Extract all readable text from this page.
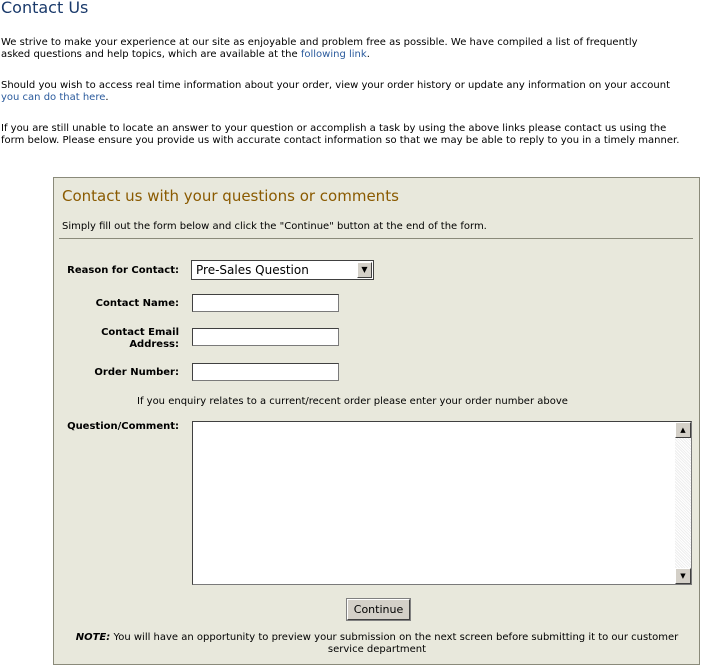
Contact Us

We strive to make your experience at our site as enjoyable and problem free as possible. We have compiled a list of frequently
asked questions and help topics, which are available at the following link.

Should you wish to access real time information about your order, view your order history or update any information on your account
you can do that here.

If you are still unable to locate an answer to your question or accomplish a task by using the above links please contact us using the
form below. Please ensure you provide us with accurate contact information so that we may be able to reply to you in a timely manner.

Contact us with your questions or comments
Simply fill out the form below and click the "Continue" button at the end of the form.
Reason for Contact: Pre-Sales Question	▼
Contact Name:
Contact Email
Address:
Order Number:
If you enquiry relates to a current/recent order please enter your order number above
Question/Comment:	▲
▼
Continue
NOTE: You will have an opportunity to preview your submission on the next screen before submitting it to our customer service department
